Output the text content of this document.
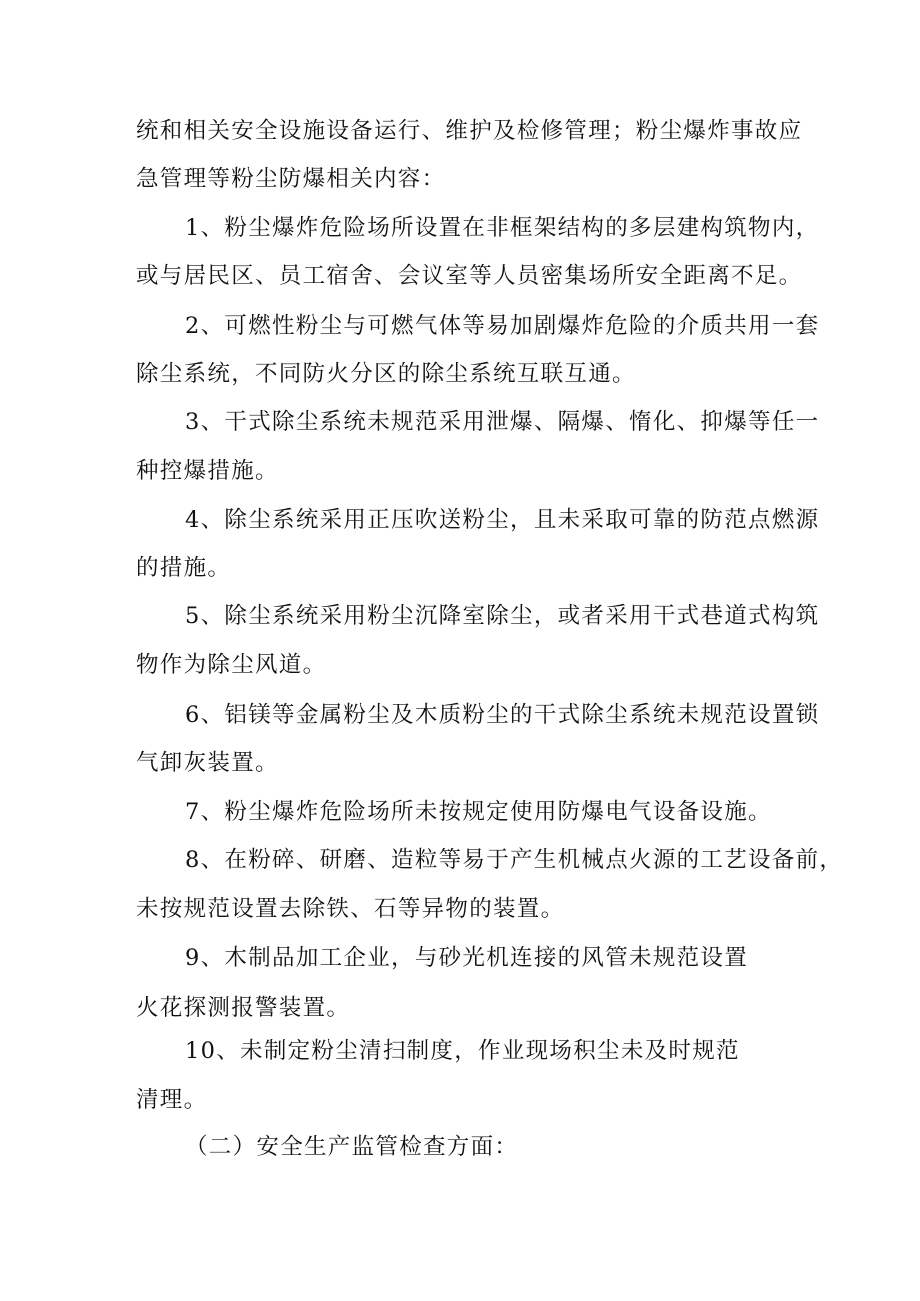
统和相关安全设施设备运行、维护及检修管理；粉尘爆炸事故应
急管理等粉尘防爆相关内容：
1、粉尘爆炸危险场所设置在非框架结构的多层建构筑物内，
或与居民区、员工宿舍、会议室等人员密集场所安全距离不足。
2、可燃性粉尘与可燃气体等易加剧爆炸危险的介质共用一套
除尘系统，不同防火分区的除尘系统互联互通。
3、干式除尘系统未规范采用泄爆、隔爆、惰化、抑爆等任一
种控爆措施。
4、除尘系统采用正压吹送粉尘，且未采取可靠的防范点燃源
的措施。
5、除尘系统采用粉尘沉降室除尘，或者采用干式巷道式构筑
物作为除尘风道。
6、铝镁等金属粉尘及木质粉尘的干式除尘系统未规范设置锁
气卸灰装置。
7、粉尘爆炸危险场所未按规定使用防爆电气设备设施。
8、在粉碎、研磨、造粒等易于产生机械点火源的工艺设备前，
未按规范设置去除铁、石等异物的装置。
9、木制品加工企业，与砂光机连接的风管未规范设置
火花探测报警装置。
10、未制定粉尘清扫制度，作业现场积尘未及时规范
清理。
（二）安全生产监管检查方面：
